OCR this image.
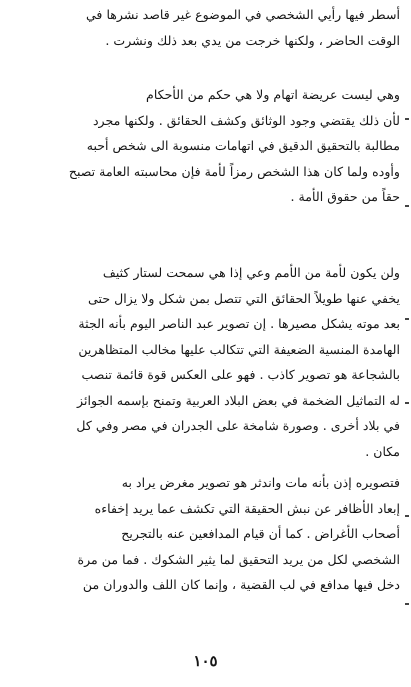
أسطر فيها رأيي الشخصي في الموضوع غير قاصد نشرها في
الوقت الحاضر ، ولكنها خرجت من يدي بعد ذلك ونشرت .
وهي ليست عريضة اتهام ولا هي حكم من الأحكام
لأن ذلك يقتضي وجود الوثائق وكشف الحقائق . ولكنها مجرد
مطالبة بالتحقيق الدقيق في اتهامات منسوبة الى شخص أحبه
وأوده ولما كان هذا الشخص رمزاً لأمة فإن محاسبته العامة تصبح
حقاً من حقوق الأمة .
ولن يكون لأمة من الأمم وعي إذا هي سمحت لستار كثيف
يخفي عنها طويلاً الحقائق التي تتصل بمن شكل ولا يزال حتى
بعد موته يشكل مصيرها . إن تصوير عبد الناصر اليوم بأنه الجثة
الهامدة المنسية الضعيفة التي تتكالب عليها مخالب المتظاهرين
بالشجاعة هو تصوير كاذب . فهو على العكس قوة قائمة تنصب
له التماثيل الضخمة في بعض البلاد العربية وتمنح بإسمه الجوائز
في بلاد أخرى . وصورة شامخة على الجدران في مصر وفي كل
مكان .
فتصويره إذن بأنه مات واندثر هو تصوير مغرض يراد به
إبعاد الأظافر عن نبش الحقيقة التي تكشف عما يريد إخفاءه
أصحاب الأغراض . كما أن قيام المدافعين عنه بالتجريح
الشخصي لكل من يريد التحقيق لما يثير الشكوك . فما من مرة
دخل فيها مدافع في لب القضية ، وإنما كان اللف والدوران من
١٠٥
